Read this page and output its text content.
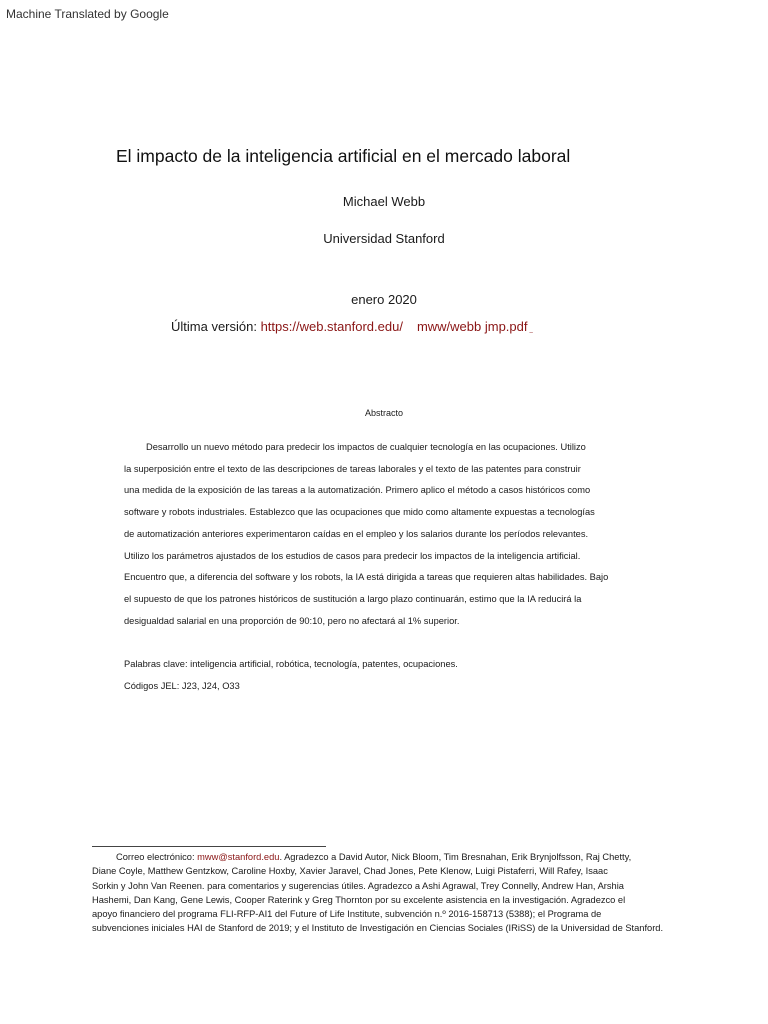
Machine Translated by Google
El impacto de la inteligencia artificial en el mercado laboral
Michael Webb
Universidad Stanford
enero 2020
Última versión: https://web.stanford.edu/ mww/webb jmp.pdf _
Abstracto
Desarrollo un nuevo método para predecir los impactos de cualquier tecnología en las ocupaciones. Utilizo
la superposición entre el texto de las descripciones de tareas laborales y el texto de las patentes para construir
una medida de la exposición de las tareas a la automatización. Primero aplico el método a casos históricos como
software y robots industriales. Establezco que las ocupaciones que mido como altamente expuestas a tecnologías
de automatización anteriores experimentaron caídas en el empleo y los salarios durante los períodos relevantes.
Utilizo los parámetros ajustados de los estudios de casos para predecir los impactos de la inteligencia artificial.
Encuentro que, a diferencia del software y los robots, la IA está dirigida a tareas que requieren altas habilidades. Bajo
el supuesto de que los patrones históricos de sustitución a largo plazo continuarán, estimo que la IA reducirá la
desigualdad salarial en una proporción de 90:10, pero no afectará al 1% superior.
Palabras clave: inteligencia artificial, robótica, tecnología, patentes, ocupaciones.
Códigos JEL: J23, J24, O33
Correo electrónico: mww@stanford.edu. Agradezco a David Autor, Nick Bloom, Tim Bresnahan, Erik Brynjolfsson, Raj Chetty,
Diane Coyle, Matthew Gentzkow, Caroline Hoxby, Xavier Jaravel, Chad Jones, Pete Klenow, Luigi Pistaferri, Will Rafey, Isaac
Sorkin y John Van Reenen. para comentarios y sugerencias útiles. Agradezco a Ashi Agrawal, Trey Connelly, Andrew Han, Arshia
Hashemi, Dan Kang, Gene Lewis, Cooper Raterink y Greg Thornton por su excelente asistencia en la investigación. Agradezco el
apoyo financiero del programa FLI-RFP-AI1 del Future of Life Institute, subvención n.º 2016-158713 (5388); el Programa de
subvenciones iniciales HAI de Stanford de 2019; y el Instituto de Investigación en Ciencias Sociales (IRiSS) de la Universidad de Stanford.
